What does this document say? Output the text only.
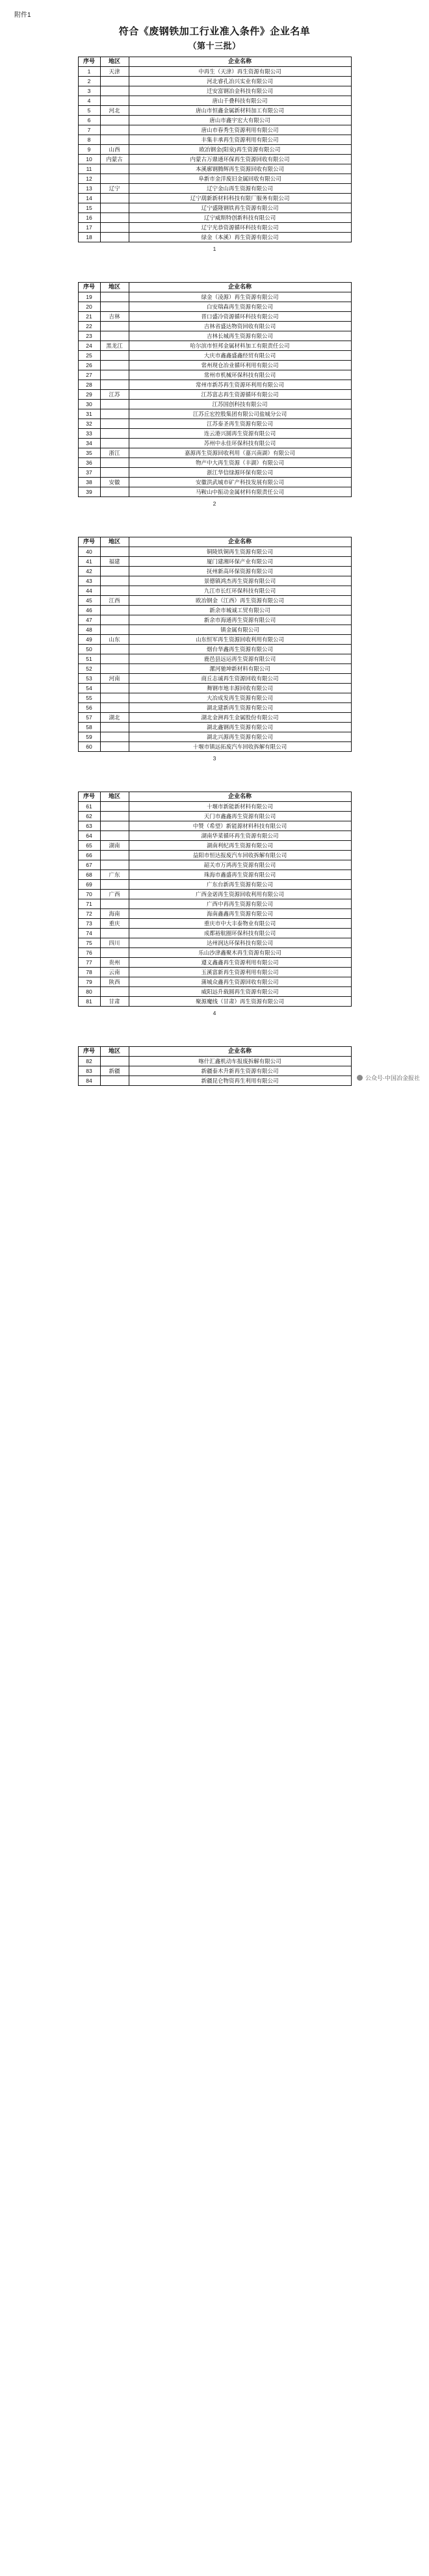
附件1
符合《废钢铁加工行业准入条件》企业名单
（第十三批）
序号	地区	企业名称
1	天津	中再生（天津）再生资源有限公司
2		河北睿孔冶兴实业有限公司
3		迁安富钢冶金科技有限公司
4		唐山千叠科技有限公司
5	河北	唐山市恒鑫金属新材料加工有限公司
6		唐山市鑫宇宏大有限公司
7		唐山市春秀生资源利用有限公司
8		丰集丰承再生资源利用有限公司
9	山西	欧冶钢金(阳泉)再生资源有限公司
10	内蒙古	内蒙古万鼎通环保再生资源回收有限公司
11		本溪廓钢腾辉再生资源回收有限公司
12		阜新市金洋废旧金属回收有限公司
13	辽宁	辽宁金山再生资源有限公司
14		辽宁葫新新材料科技有限厂服务有限公司
15		辽宁盛隆钢铁再生资源有限公司
16		辽宁威斯特创新科技有限公司
17		辽宁光恭资源循环科技有限公司
18		绿金（本溪）再生资源有限公司
1
序号	地区	企业名称
19		绿金（凌源）再生资源有限公司
20		白安瑞森再生资源有限公司
21	吉林	晋口盛冷资源循环科技有限公司
22		吉林省盛达物资回收有限公司
23		吉林长城再生资源有限公司
24	黑龙江	哈尔滨市恒邦金属材料加工有限责任公司
25		大庆市鑫鑫盛鑫经贸有限公司
26		常州现仓冶业循环利用有限公司
27		常州市机械环保科技有限公司
28		常州市新苏再生资源环利用有限公司
29	江苏	江苏富志再生资源循环有限公司
30		江苏国创科技有限公司
31		江苏丘宏控股集团有限公司盐城分公司
32		江苏泰圣再生资源有限公司
33		连云港兴圆再生资源有限公司
34		苏州中永佳环保科技有限公司
35	浙江	嘉源再生资源回收利用（嘉兴南湖）有限公司
36		物产中大再生资源（丰湖）有限公司
37		浙江华信绿源环保有限公司
38	安徽	安徽洪武城市矿产科技发展有限公司
39		马鞍山中振动金属材料有限责任公司
2
序号	地区	企业名称
40		铜陵铁铜再生资源有限公司
41	福建	厦门建湘环保产业有限公司
42		抚州新高环保资源有限公司
43		景德镇鸿杰再生资源有限公司
44		九江市长红环保科技有限公司
45	江西	欧冶钢金（江西）再生资源有限公司
46		新余市城诚工贸有限公司
47		新余市海通再生资源有限公司
48		镇金属有限公司
49	山东	山东恒军再生资源回收利用有限公司
50		烟台华鑫再生资源有限公司
51		鹿邑县远运再生资源有限公司
52		漯河驰坤新材料有限公司
53	河南	商丘志诚再生资源回收有限公司
54		舞钢市地丰源回收有限公司
55		大冶成发再生资源有限公司
56		湖北建新再生资源有限公司
57	湖北	湖北金洲再生金属股份有限公司
58		湖北鑫钢再生资源有限公司
59		湖北兴源再生资源有限公司
60		十堰市镇远拓废汽车回收拆解有限公司
3
序号	地区	企业名称
61		十堰市新能新材料有限公司
62		天门市鑫鑫再生资源有限公司
63		中赞（希望）新能源材料科技有限公司
64		湖南华菜循环再生资源有限公司
65	湖南	湖南利纪再生资源有限公司
66		益阳市恒达报废汽车回收拆解有限公司
67		韶关市万鸿再生资源有限公司
68	广东	珠海市鑫盛再生资源有限公司
69		广东台新再生资源有限公司
70	广西	广西金诺再生资源回收利用有限公司
71		广西中再再生资源有限公司
72	海南	海南鑫鑫再生资源有限公司
73	重庆	重庆市中大丰泰物业有限公司
74		成都裕航圈环保科技有限公司
75	四川	达州润达环保科技有限公司
76		乐山沙津鑫聚木再生资源有限公司
77	贵州	遵义鑫鑫再生资源利用有限公司
78	云南	玉溪富新再生资源利用有限公司
79	陕西	蒲城众鑫再生资源回收有限公司
80		威阳远升载圆再生资源有限公司
81	甘肃	聚源魔线（甘肃）再生资源有限公司
4
序号	地区	企业名称
82		喀什汇鑫机动车报废拆解有限公司
83	新疆	新疆泰木升新再生资源有限公司
84		新疆昆仑物资再生利用有限公司	公众号·中国冶金报社
